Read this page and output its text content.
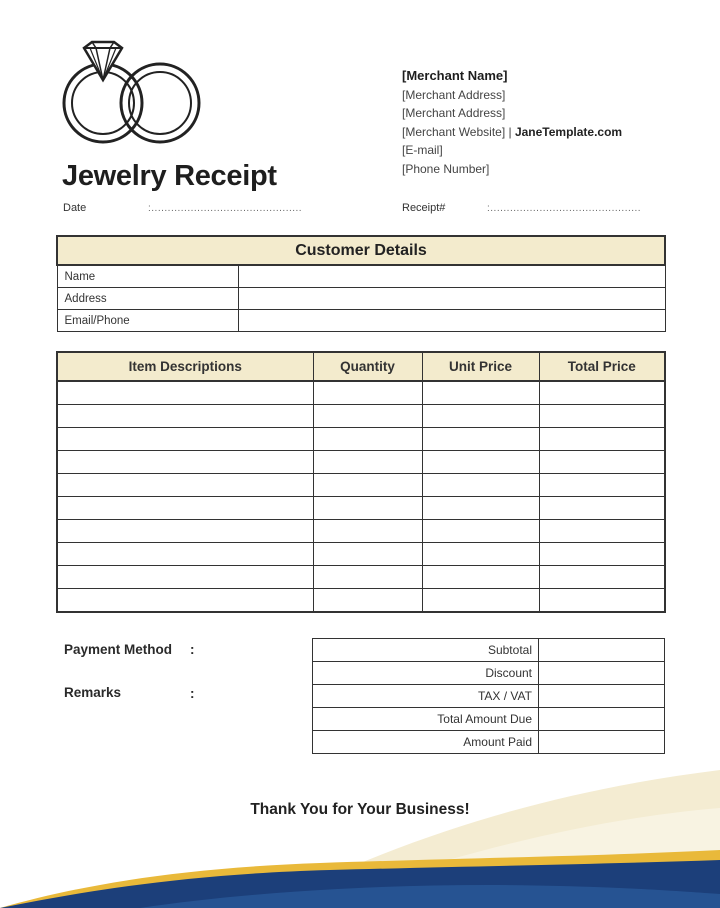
Jewelry Receipt
Date	:..............................................	Receipt#	:..............................................
[Merchant Name]
[Merchant Address]
[Merchant Address]
[Merchant Website] | JaneTemplate.com
[E-mail]
[Phone Number]
Customer Details	
Name	
Address	
Email/Phone	
Item Descriptions	Quantity	Unit Price	Total Price

Payment Method :
Remarks	:
Subtotal	
Discount	
TAX / VAT	
Total Amount Due	
Amount Paid	
Thank You for Your Business!
